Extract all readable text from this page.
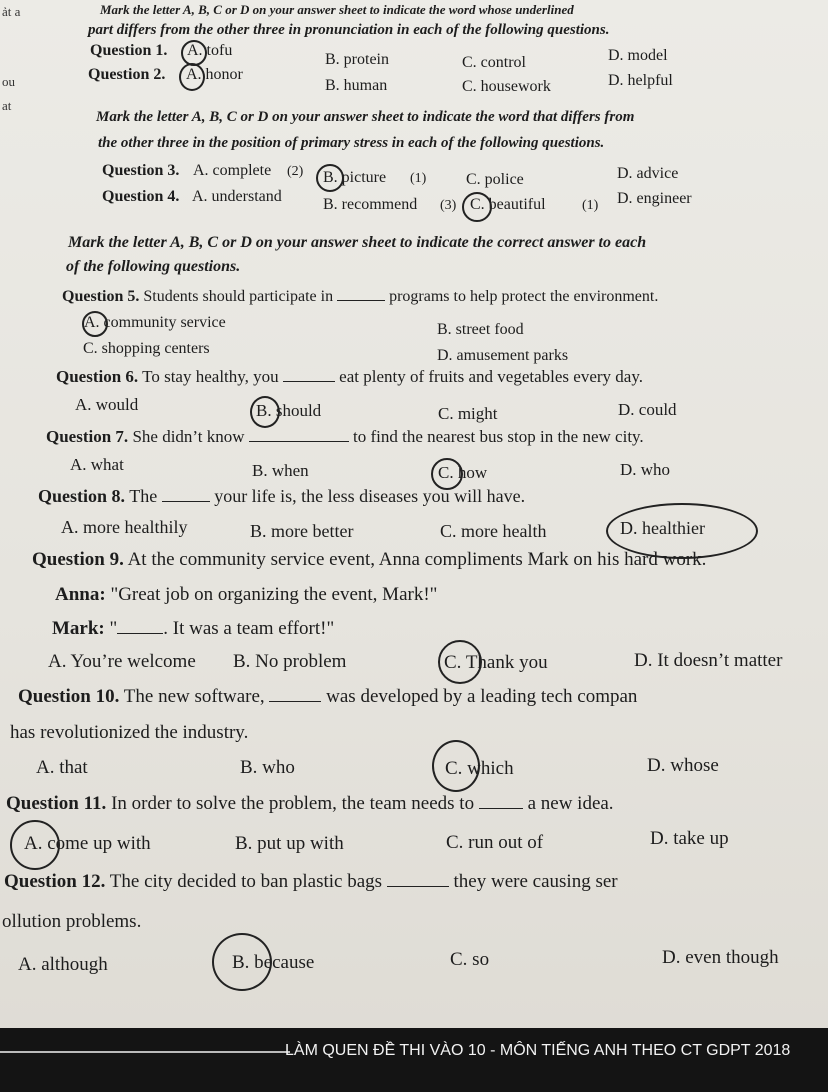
ảt a
ou
at
Mark the letter A, B, C or D on your answer sheet to indicate the word whose underlined
part differs from the other three in pronunciation in each of the following questions.
Question 1. A. tofu
B. protein	C. control	D. model
Question 2. A. honor
B. human	C. housework	D. helpful
Mark the letter A, B, C or D on your answer sheet to indicate the word that differs from
the other three in the position of primary stress in each of the following questions.
Question 3. A. complete (2) B. picture (1) C. police	D. advice
Question 4. A. understand	B. recommend (3) C. beautiful	(1) D. engineer
Mark the letter A, B, C or D on your answer sheet to indicate the correct answer to each
of the following questions.
Question 5. Students should participate in	programs to help protect the environment.
A. community service	B. street food
C. shopping centers	D. amusement parks
Question 6. To stay healthy, you	eat plenty of fruits and vegetables every day.
A. would	B. should	C. might	D. could
Question 7. She didn’t know	to find the nearest bus stop in the new city.
A. what	B. when	C. how	D. who
Question 8. The	your life is, the less diseases you will have.
A. more healthily	B. more better	C. more health	D. healthier
Question 9. At the community service event, Anna compliments Mark on his hard work.
Anna: "Great job on organizing the event, Mark!"
Mark: " . It was a team effort!"
A. You’re welcome B. No problem	C. Thank you	D. It doesn’t matter
Question 10. The new software,	was developed by a leading tech compan
has revolutionized the industry.
A. that	B. who	C. which	D. whose
Question 11. In order to solve the problem, the team needs to	a new idea.
A. come up with	B. put up with	C. run out of	D. take up
Question 12. The city decided to ban plastic bags	they were causing ser
ollution problems.
A. although	B. because	C. so	D. even though
LÀM QUEN ĐỀ THI VÀO 10 - MÔN TIẾNG ANH THEO CT GDPT 2018
